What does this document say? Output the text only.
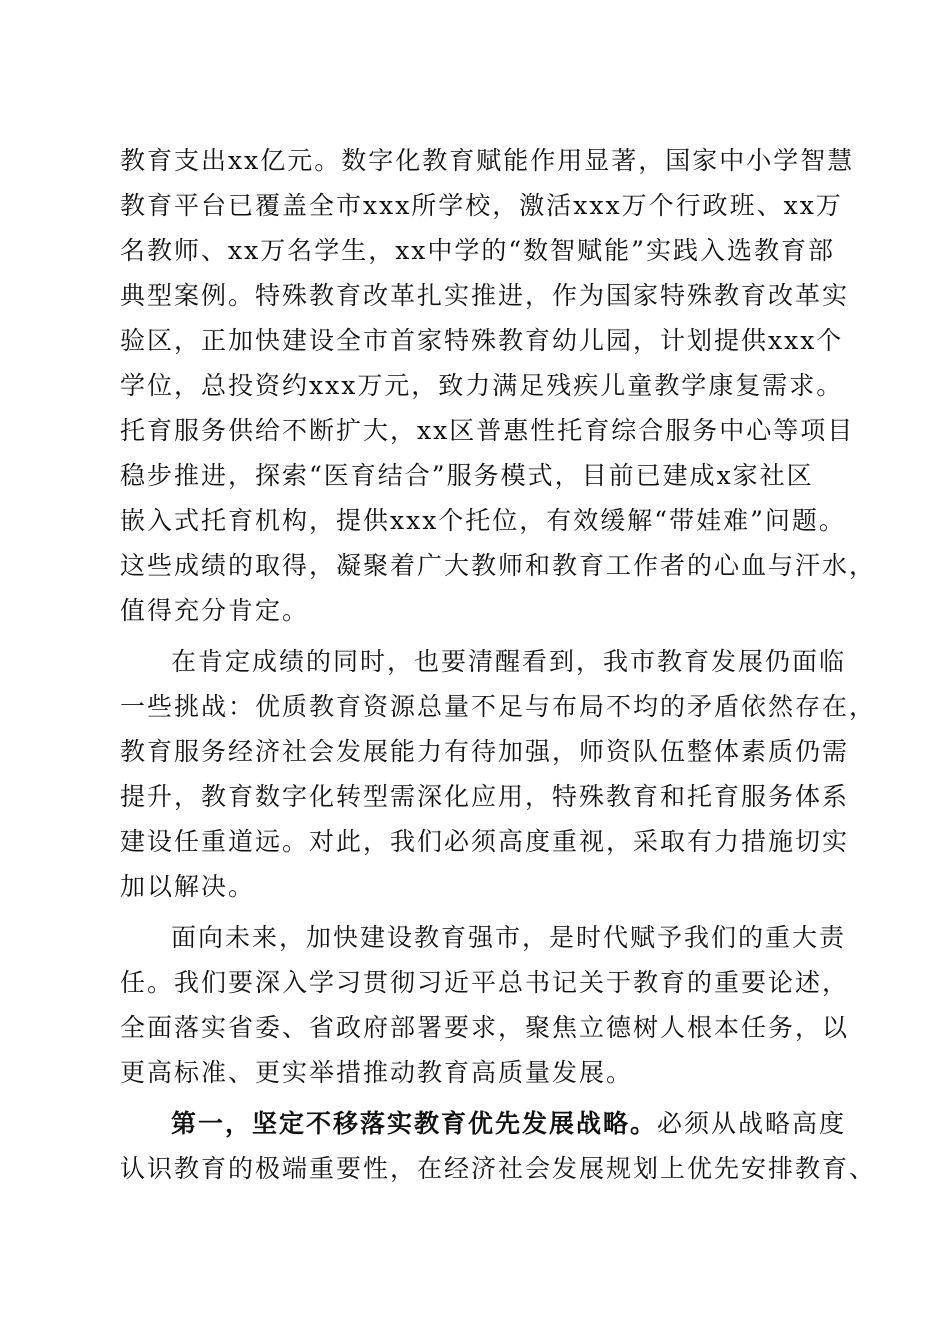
教育支出xx亿元。数字化教育赋能作用显著，国家中小学智慧
教育平台已覆盖全市xxx所学校，激活xxx万个行政班、xx万
名教师、xx万名学生，xx中学的“数智赋能”实践入选教育部
典型案例。特殊教育改革扎实推进，作为国家特殊教育改革实
验区，正加快建设全市首家特殊教育幼儿园，计划提供xxx个
学位，总投资约xxx万元，致力满足残疾儿童教学康复需求。
托育服务供给不断扩大，xx区普惠性托育综合服务中心等项目
稳步推进，探索“医育结合”服务模式，目前已建成x家社区
嵌入式托育机构，提供xxx个托位，有效缓解“带娃难”问题。
这些成绩的取得，凝聚着广大教师和教育工作者的心血与汗水，
值得充分肯定。
在肯定成绩的同时，也要清醒看到，我市教育发展仍面临
一些挑战：优质教育资源总量不足与布局不均的矛盾依然存在，
教育服务经济社会发展能力有待加强，师资队伍整体素质仍需
提升，教育数字化转型需深化应用，特殊教育和托育服务体系
建设任重道远。对此，我们必须高度重视，采取有力措施切实
加以解决。
面向未来，加快建设教育强市，是时代赋予我们的重大责
任。我们要深入学习贯彻习近平总书记关于教育的重要论述，
全面落实省委、省政府部署要求，聚焦立德树人根本任务，以
更高标准、更实举措推动教育高质量发展。
第一，坚定不移落实教育优先发展战略。必须从战略高度
认识教育的极端重要性，在经济社会发展规划上优先安排教育、
